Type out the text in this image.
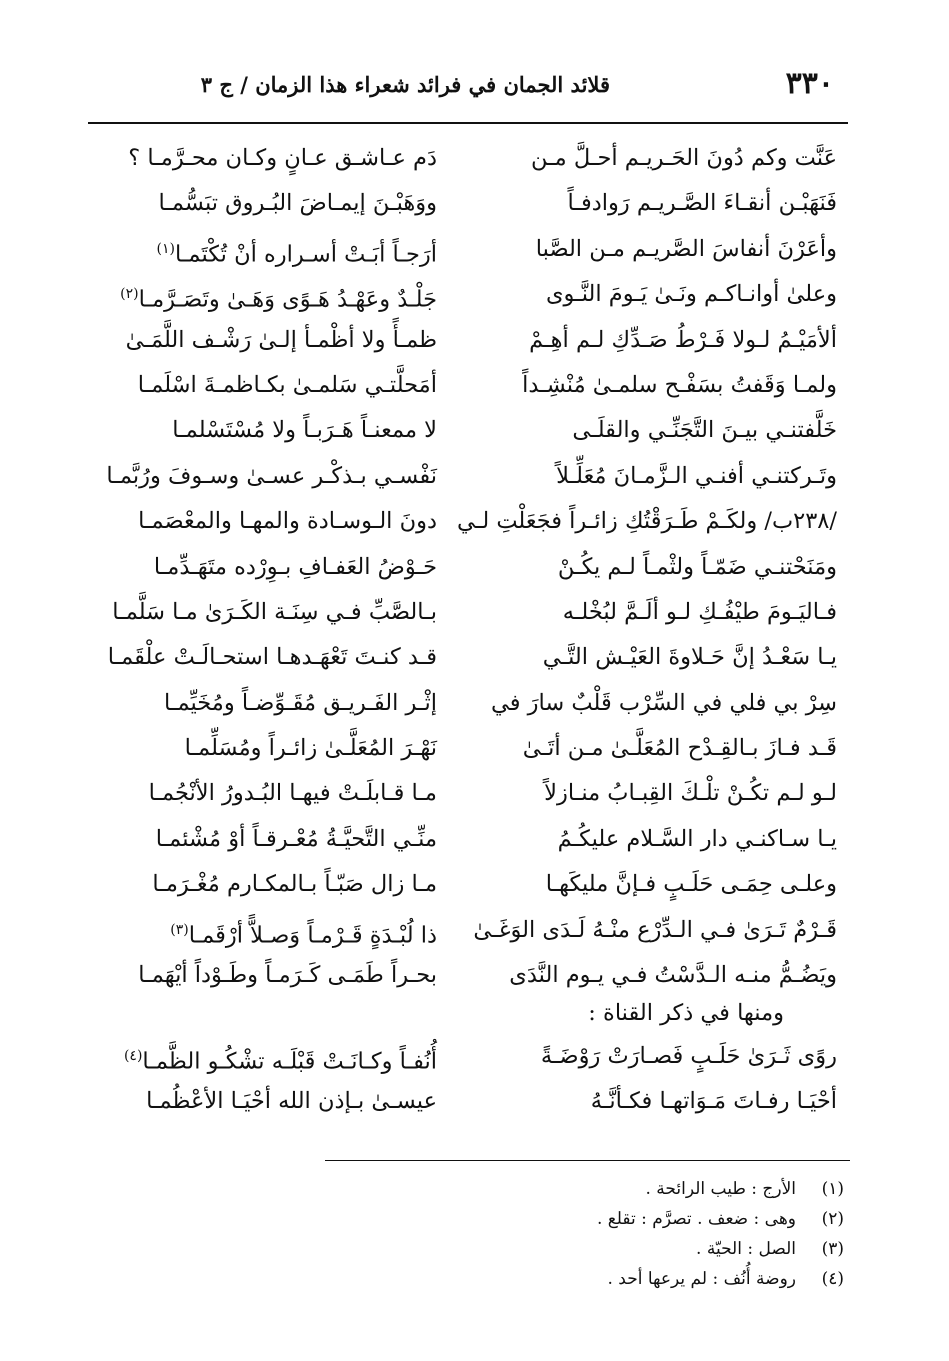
٣٣٠
قلائد الجمان في فرائد شعراء هذا الزمان / ج ٣
عَنَّت وكم دُونَ الحَـريـم أحـلَّ مـن
فَنَهَبْـن أنقـاءَ الصَّـريـم رَوادفـاً
وأعَرْنَ أنفاسَ الصَّريـم مـن الصَّبا
وعلىٰ أوانـاكـم ونَـىٰ يَـومَ النَّـوى
ألأمَيْـمُ لـولا فَـرْطُ صَـدِّكِ لـم أهِـمْ
ولمـا وَقَفتُ بسَفْـح سلمـىٰ مُنْشِـداً
خَلَّفتنـي بيـنَ التَّجَنِّـي والقلَـى
وتَـركتنـي أفنـي الـزَّمـانَ مُعَلِّـلاً
/٢٣٨ب/ ولكَـمْ طَـرَقْتُكِ زائـراً فجَعَلْتِ لـي
ومَنَحْتنـي ضَمّـاً ولثْمـاً لـم يكُـنْ
فـاليَـومَ طيْفُـكِ لـو ألَـمَّ لبُخْلـه
يـا سَعْـدُ إنَّ حَـلاوةَ العَيْـش التَّـي
سِرْ بي فلي في السِّرْب قَلْبٌ سارَ في
قَـد فـازَ بـالقِـدْح المُعَلَّـىٰ مـن أتَـىٰ
لـو لـم تكُـنْ تلْـكَ القِبـابُ منـازلاً
يـا سـاكنـي دار السَّـلام عليكُـمُ
وعلـى حِمَـى حَلَـبٍ فـإنَّ مليكَهـا
قَـرْمٌ تَـرَىٰ فـي الـدِّرْع منْـهُ لَـدَى الوَغَـىٰ
ويَضُـمُّ منـه الـدَّسْتُ فـي يـوم النَّدَى
دَم عـاشـق عـانٍ وكـان محـرَّمـا ؟
ووَهَبْـنَ إيمـاضَ البُـروق تبَسُّمـا
أرَجـاً أبَـتْ أسـراره أنْ تُكْتَمـا$^{(١)}$
جَلْـدٌ وعَهْـدُ هَـوًى وَهَـىٰ وتَصَـرَّمـا$^{(٢)}$
ظمـأً ولا أظْمـأ إلـىٰ رَشْـف اللَّمَـىٰ
أمَحلَّتـي سَلمـىٰ بكـاظمـةَ اسْلَمـا
لا ممعنـاً هَـرَبـاً ولا مُسْتَسْلمـا
نَفْسـي بـذكْـر عسـىٰ وسـوفَ ورُبَّمـا
دونَ الـوسـادة والمهـا والمعْصَمـا
حَـوْضُ العَفـافِ بـوِرْده متَهَـدِّمـا
بـالصَّبِّ فـي سِنَـة الكَـرَىٰ مـا سَلَّمـا
قـد كنـتَ تَعْهَـدهـا استحـالَـتْ علْقَمـا
إثْـر الفَـريـق مُقَـوِّضـاً ومُخَيِّمـا
نَهْـرَ المُعَلَّـىٰ زائـراً ومُسَلِّمـا
مـا قـابلَـتْ فيهـا البُـدورُ الأنْجُمـا
منِّـي التَّحيَّـةُ مُعْـرقـاً أوْ مُشْئمـا
مـا زال صَبّـاً بـالمكـارم مُغْـرَمـا
ذا لُبْـدَةٍ قَـرْمـاً وَصـلاًّ أرْقَمـا$^{(٣)}$
بحـراً طَمَـى كَـرَمـاً وطَـوْداً أيْهَمـا
ومنها في ذكر القناة :
روًى ثَـرَىٰ حَلَـبٍ فَصـارَتْ رَوْضَـةً
أحْيَـا رفـاتَ مَـوَاتهـا فكـأنَّـهُ
أُنُفـاً وكـانَـتْ قَبْلَـه تشْكُـو الظَّمـا$^{(٤)}$
عيسـىٰ بـإذن الله أحْيَـا الأعْظُمـا
(١)الأرج : طيب الرائحة .
(٢)وهى : ضعف . تصرَّم : تقلع .
(٣)الصل : الحيّة .
(٤)روضة أُنُف : لم يرعها أحد .
